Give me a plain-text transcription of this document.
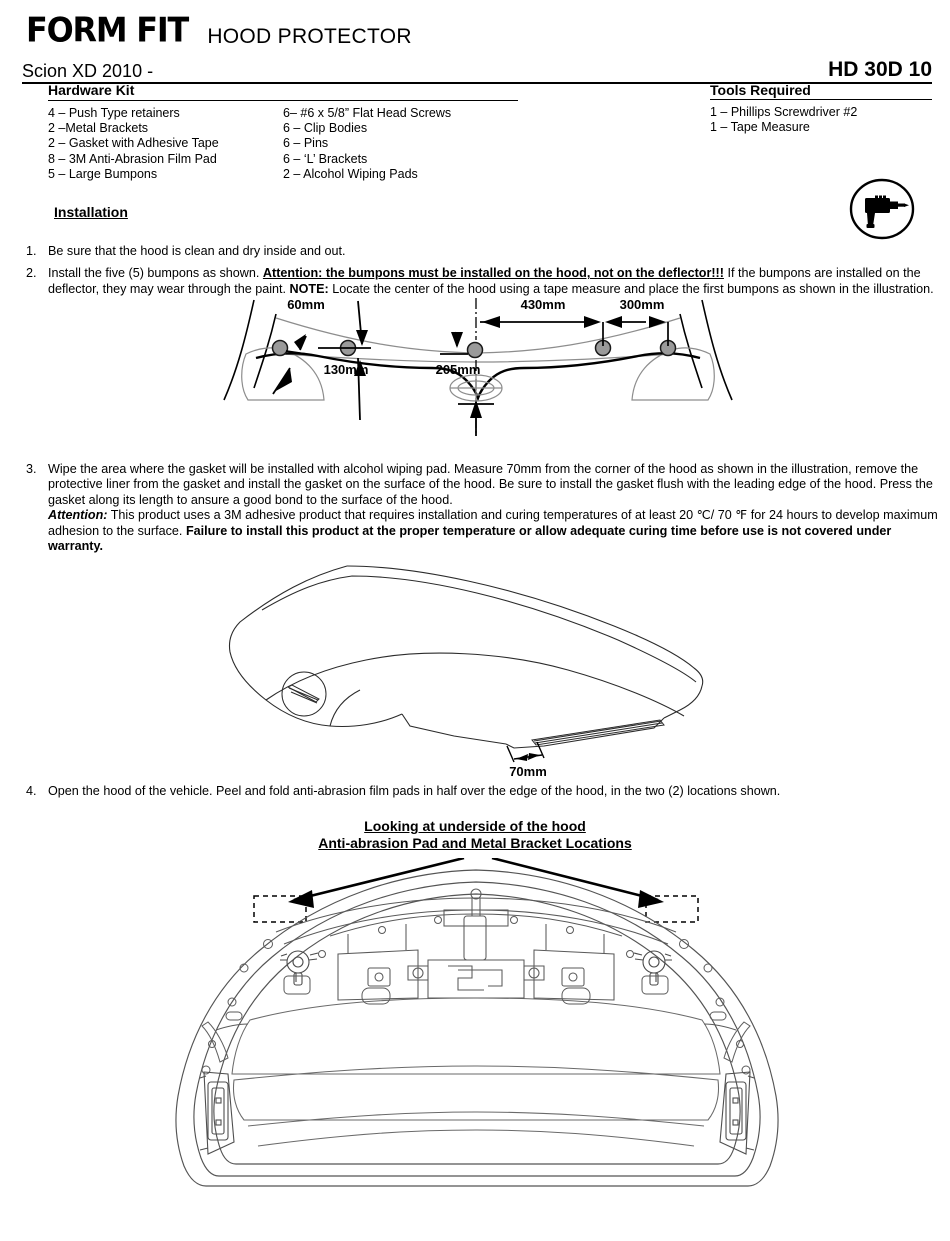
FORM FIT HOOD PROTECTOR
Scion XD 2010 -	HD 30D 10
Hardware Kit
4 – Push Type retainers
2 –Metal Brackets
2 – Gasket with Adhesive Tape
8 – 3M Anti-Abrasion Film Pad
5 – Large Bumpons
6– #6 x 5/8” Flat Head Screws
6 – Clip Bodies
6 – Pins
6 – ‘L’ Brackets
2 – Alcohol Wiping Pads
Tools Required
1 – Phillips Screwdriver #2
1 – Tape Measure
Installation
1. Be sure that the hood is clean and dry inside and out.
2. Install the five (5) bumpons as shown. Attention: the bumpons must be installed on the hood, not on the deflector!!! If the bumpons are installed on the deflector, they may wear through the paint. NOTE: Locate the center of the hood using a tape measure and place the first bumpons as shown in the illustration.
60mm
130mm	205mm
430mm	300mm
3. Wipe the area where the gasket will be installed with alcohol wiping pad. Measure 70mm from the corner of the hood as shown in the illustration, remove the protective liner from the gasket and install the gasket on the surface of the hood. Be sure to install the gasket flush with the leading edge of the hood. Press the gasket along its length to ansure a good bond to the surface of the hood.
Attention: This product uses a 3M adhesive product that requires installation and curing temperatures of at least 20 ℃/ 70 ℉ for 24 hours to develop maximum adhesion to the surface. Failure to install this product at the proper temperature or allow adequate curing time before use is not covered under warranty.
70mm
4. Open the hood of the vehicle. Peel and fold anti-abrasion film pads in half over the edge of the hood, in the two (2) locations shown.
Looking at underside of the hood
Anti-abrasion Pad and Metal Bracket Locations
